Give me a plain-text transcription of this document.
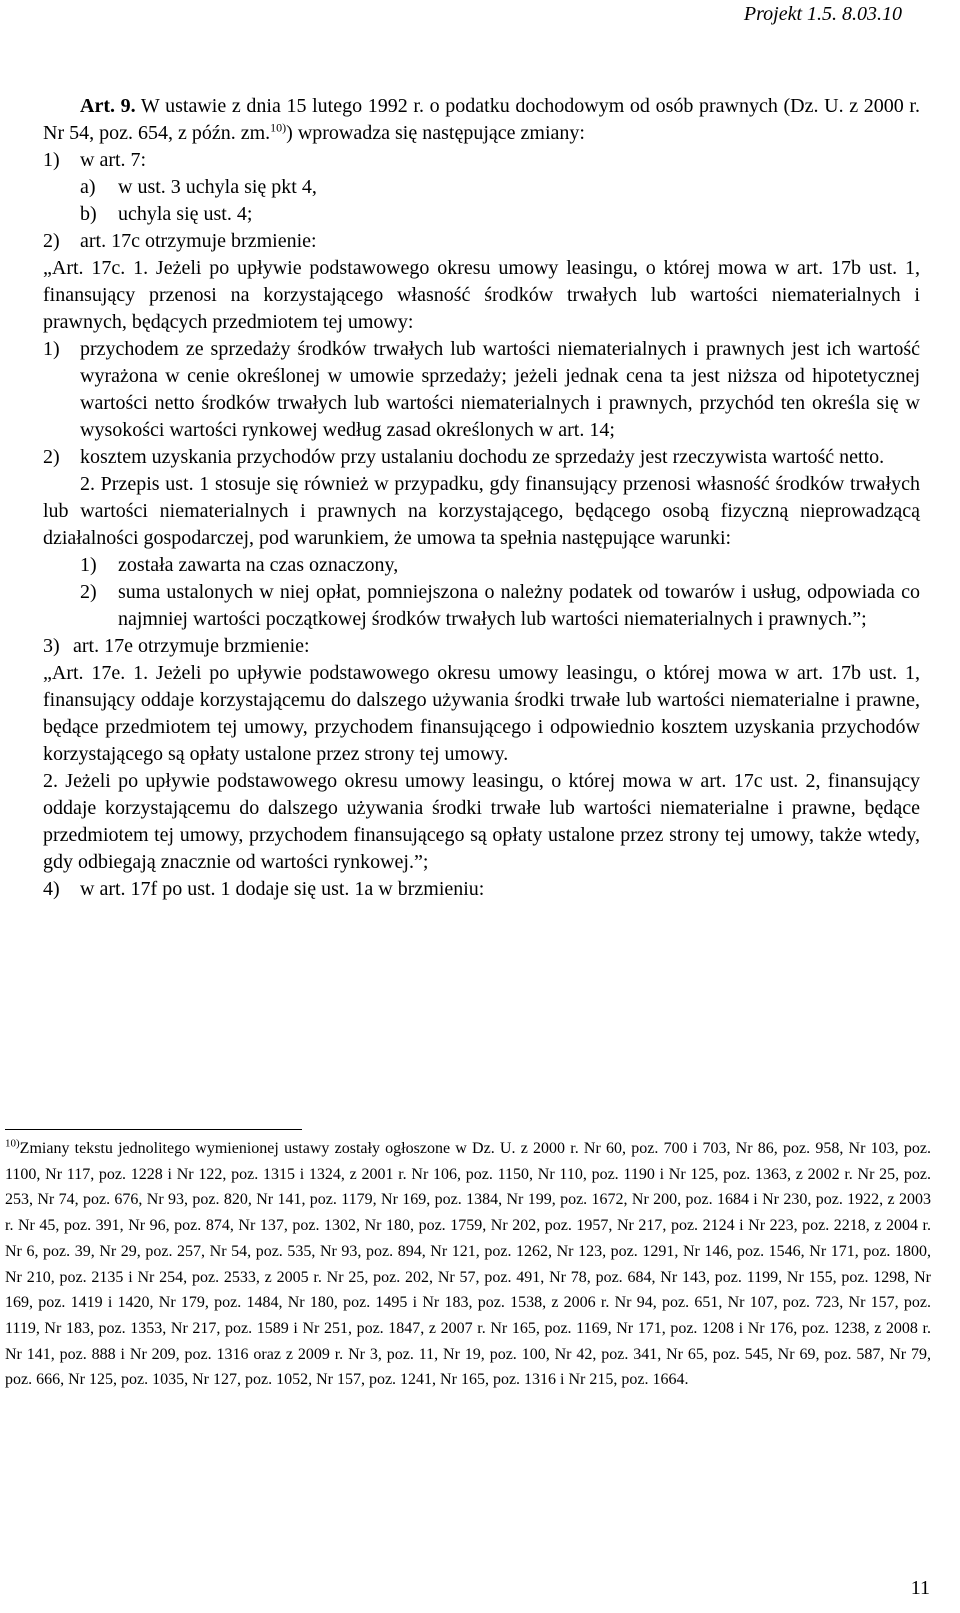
Projekt 1.5. 8.03.10

Art. 9. W ustawie z dnia 15 lutego 1992 r. o podatku dochodowym od osób prawnych (Dz. U. z 2000 r. Nr 54, poz. 654, z późn. zm.$^{10)}$) wprowadza się następujące zmiany:

1)	w art. 7:
a)	w ust. 3 uchyla się pkt 4,
b)	uchyla się ust. 4;
2)	art. 17c otrzymuje brzmienie:

„Art. 17c. 1. Jeżeli po upływie podstawowego okresu umowy leasingu, o której mowa w art. 17b ust. 1, finansujący przenosi na korzystającego własność środków trwałych lub wartości niematerialnych i prawnych, będących przedmiotem tej umowy:

1)	przychodem ze sprzedaży środków trwałych lub wartości niematerialnych i prawnych jest ich wartość wyrażona w cenie określonej w umowie sprzedaży; jeżeli jednak cena ta jest niższa od hipotetycznej wartości netto środków trwałych lub wartości niematerialnych i prawnych, przychód ten określa się w wysokości wartości rynkowej według zasad określonych w art. 14;
2)	kosztem uzyskania przychodów przy ustalaniu dochodu ze sprzedaży jest rzeczywista wartość netto.

2. Przepis ust. 1 stosuje się również w przypadku, gdy finansujący przenosi własność środków trwałych lub wartości niematerialnych i prawnych na korzystającego, będącego osobą fizyczną nieprowadzącą działalności gospodarczej, pod warunkiem, że umowa ta spełnia następujące warunki:

1)	została zawarta na czas oznaczony,
2)	suma ustalonych w niej opłat, pomniejszona o należny podatek od towarów i usług, odpowiada co najmniej wartości początkowej środków trwałych lub wartości niematerialnych i prawnych.”;
3) art. 17e otrzymuje brzmienie:

„Art. 17e. 1. Jeżeli po upływie podstawowego okresu umowy leasingu, o której mowa w art. 17b ust. 1, finansujący oddaje korzystającemu do dalszego używania środki trwałe lub wartości niematerialne i prawne, będące przedmiotem tej umowy, przychodem finansującego i odpowiednio kosztem uzyskania przychodów korzystającego są opłaty ustalone przez strony tej umowy.

2. Jeżeli po upływie podstawowego okresu umowy leasingu, o której mowa w art. 17c ust. 2, finansujący oddaje korzystającemu do dalszego używania środki trwałe lub wartości niematerialne i prawne, będące przedmiotem tej umowy, przychodem finansującego są opłaty ustalone przez strony tej umowy, także wtedy, gdy odbiegają znacznie od wartości rynkowej.”;

4)	w art. 17f po ust. 1 dodaje się ust. 1a w brzmieniu:
$^{10)}$Zmiany tekstu jednolitego wymienionej ustawy zostały ogłoszone w Dz. U. z 2000 r. Nr 60, poz. 700 i 703, Nr 86, poz. 958, Nr 103, poz. 1100, Nr 117, poz. 1228 i Nr 122, poz. 1315 i 1324, z 2001 r. Nr 106, poz. 1150, Nr 110, poz. 1190 i Nr 125, poz. 1363, z 2002 r. Nr 25, poz. 253, Nr 74, poz. 676, Nr 93, poz. 820, Nr 141, poz. 1179, Nr 169, poz. 1384, Nr 199, poz. 1672, Nr 200, poz. 1684 i Nr 230, poz. 1922, z 2003 r. Nr 45, poz. 391, Nr 96, poz. 874, Nr 137, poz. 1302, Nr 180, poz. 1759, Nr 202, poz. 1957, Nr 217, poz. 2124 i Nr 223, poz. 2218, z 2004 r. Nr 6, poz. 39, Nr 29, poz. 257, Nr 54, poz. 535, Nr 93, poz. 894, Nr 121, poz. 1262, Nr 123, poz. 1291, Nr 146, poz. 1546, Nr 171, poz. 1800, Nr 210, poz. 2135 i Nr 254, poz. 2533, z 2005 r. Nr 25, poz. 202, Nr 57, poz. 491, Nr 78, poz. 684, Nr 143, poz. 1199, Nr 155, poz. 1298, Nr 169, poz. 1419 i 1420, Nr 179, poz. 1484, Nr 180, poz. 1495 i Nr 183, poz. 1538, z 2006 r. Nr 94, poz. 651, Nr 107, poz. 723, Nr 157, poz. 1119, Nr 183, poz. 1353, Nr 217, poz. 1589 i Nr 251, poz. 1847, z 2007 r. Nr 165, poz. 1169, Nr 171, poz. 1208 i Nr 176, poz. 1238, z 2008 r. Nr 141, poz. 888 i Nr 209, poz. 1316 oraz z 2009 r. Nr 3, poz. 11, Nr 19, poz. 100, Nr 42, poz. 341, Nr 65, poz. 545, Nr 69, poz. 587, Nr 79, poz. 666, Nr 125, poz. 1035, Nr 127, poz. 1052, Nr 157, poz. 1241, Nr 165, poz. 1316 i Nr 215, poz. 1664.
11
